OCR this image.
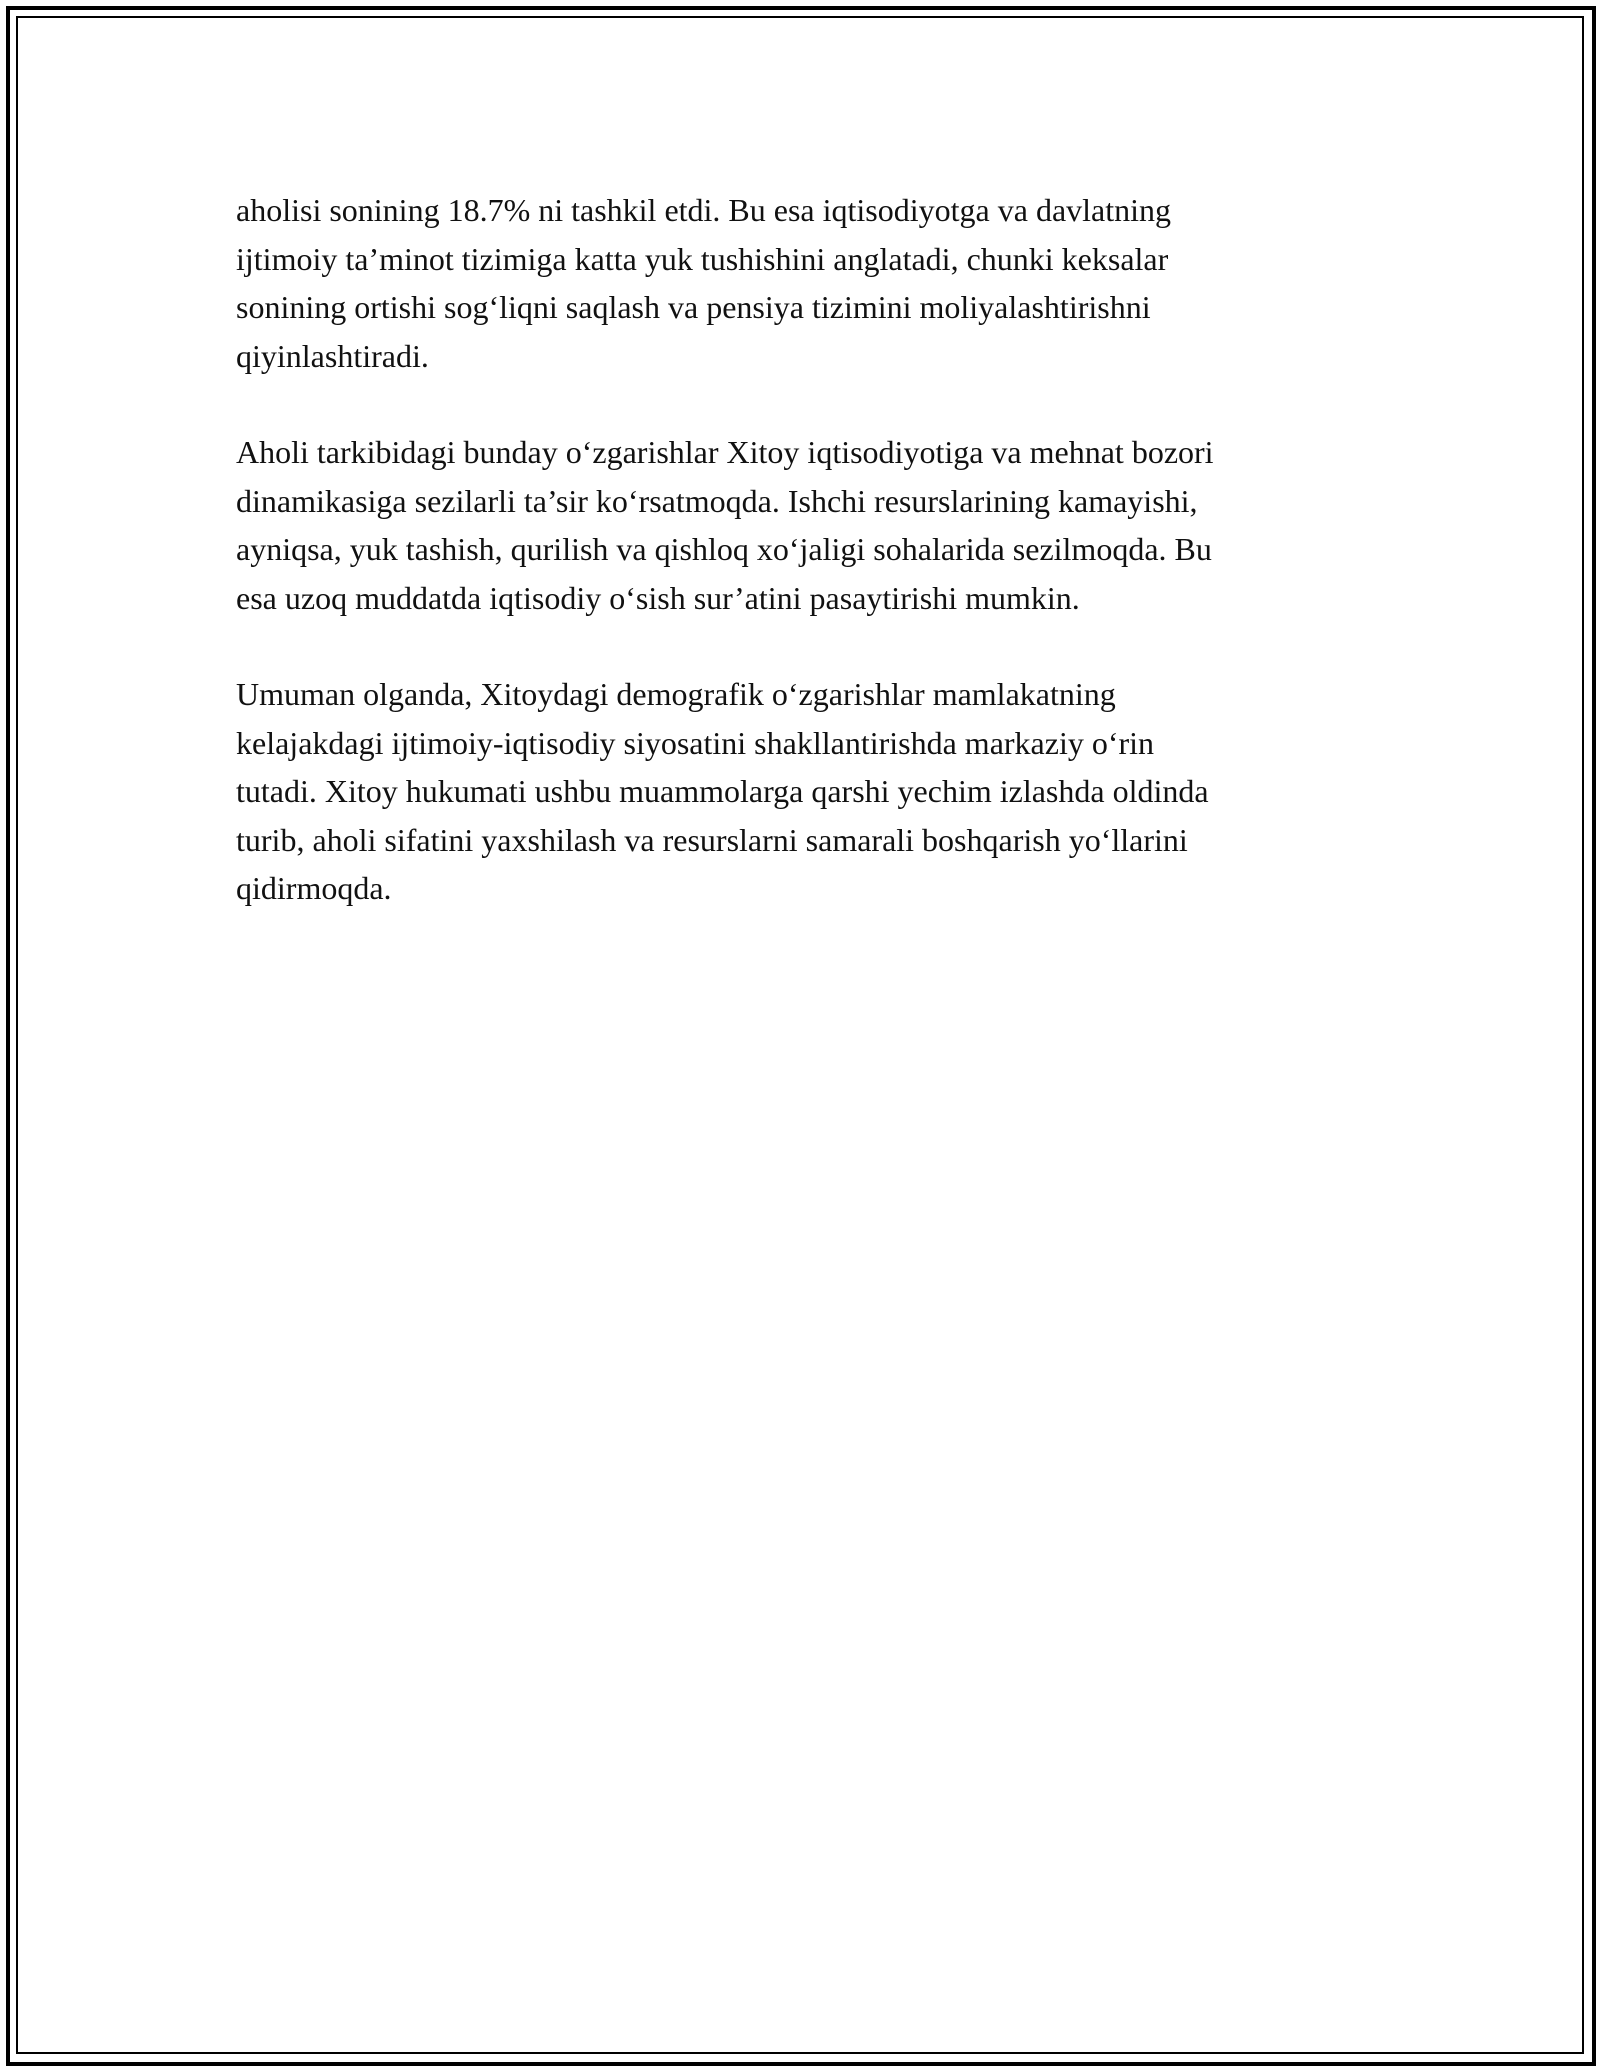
aholisi sonining 18.7% ni tashkil etdi. Bu esa iqtisodiyotga va davlatning
ijtimoiy ta’minot tizimiga katta yuk tushishini anglatadi, chunki keksalar
sonining ortishi sog‘liqni saqlash va pensiya tizimini moliyalashtirishni
qiyinlashtiradi.

Aholi tarkibidagi bunday o‘zgarishlar Xitoy iqtisodiyotiga va mehnat bozori
dinamikasiga sezilarli ta’sir ko‘rsatmoqda. Ishchi resurslarining kamayishi,
ayniqsa, yuk tashish, qurilish va qishloq xo‘jaligi sohalarida sezilmoqda. Bu
esa uzoq muddatda iqtisodiy o‘sish sur’atini pasaytirishi mumkin.

Umuman olganda, Xitoydagi demografik o‘zgarishlar mamlakatning
kelajakdagi ijtimoiy-iqtisodiy siyosatini shakllantirishda markaziy o‘rin
tutadi. Xitoy hukumati ushbu muammolarga qarshi yechim izlashda oldinda
turib, aholi sifatini yaxshilash va resurslarni samarali boshqarish yo‘llarini
qidirmoqda.
